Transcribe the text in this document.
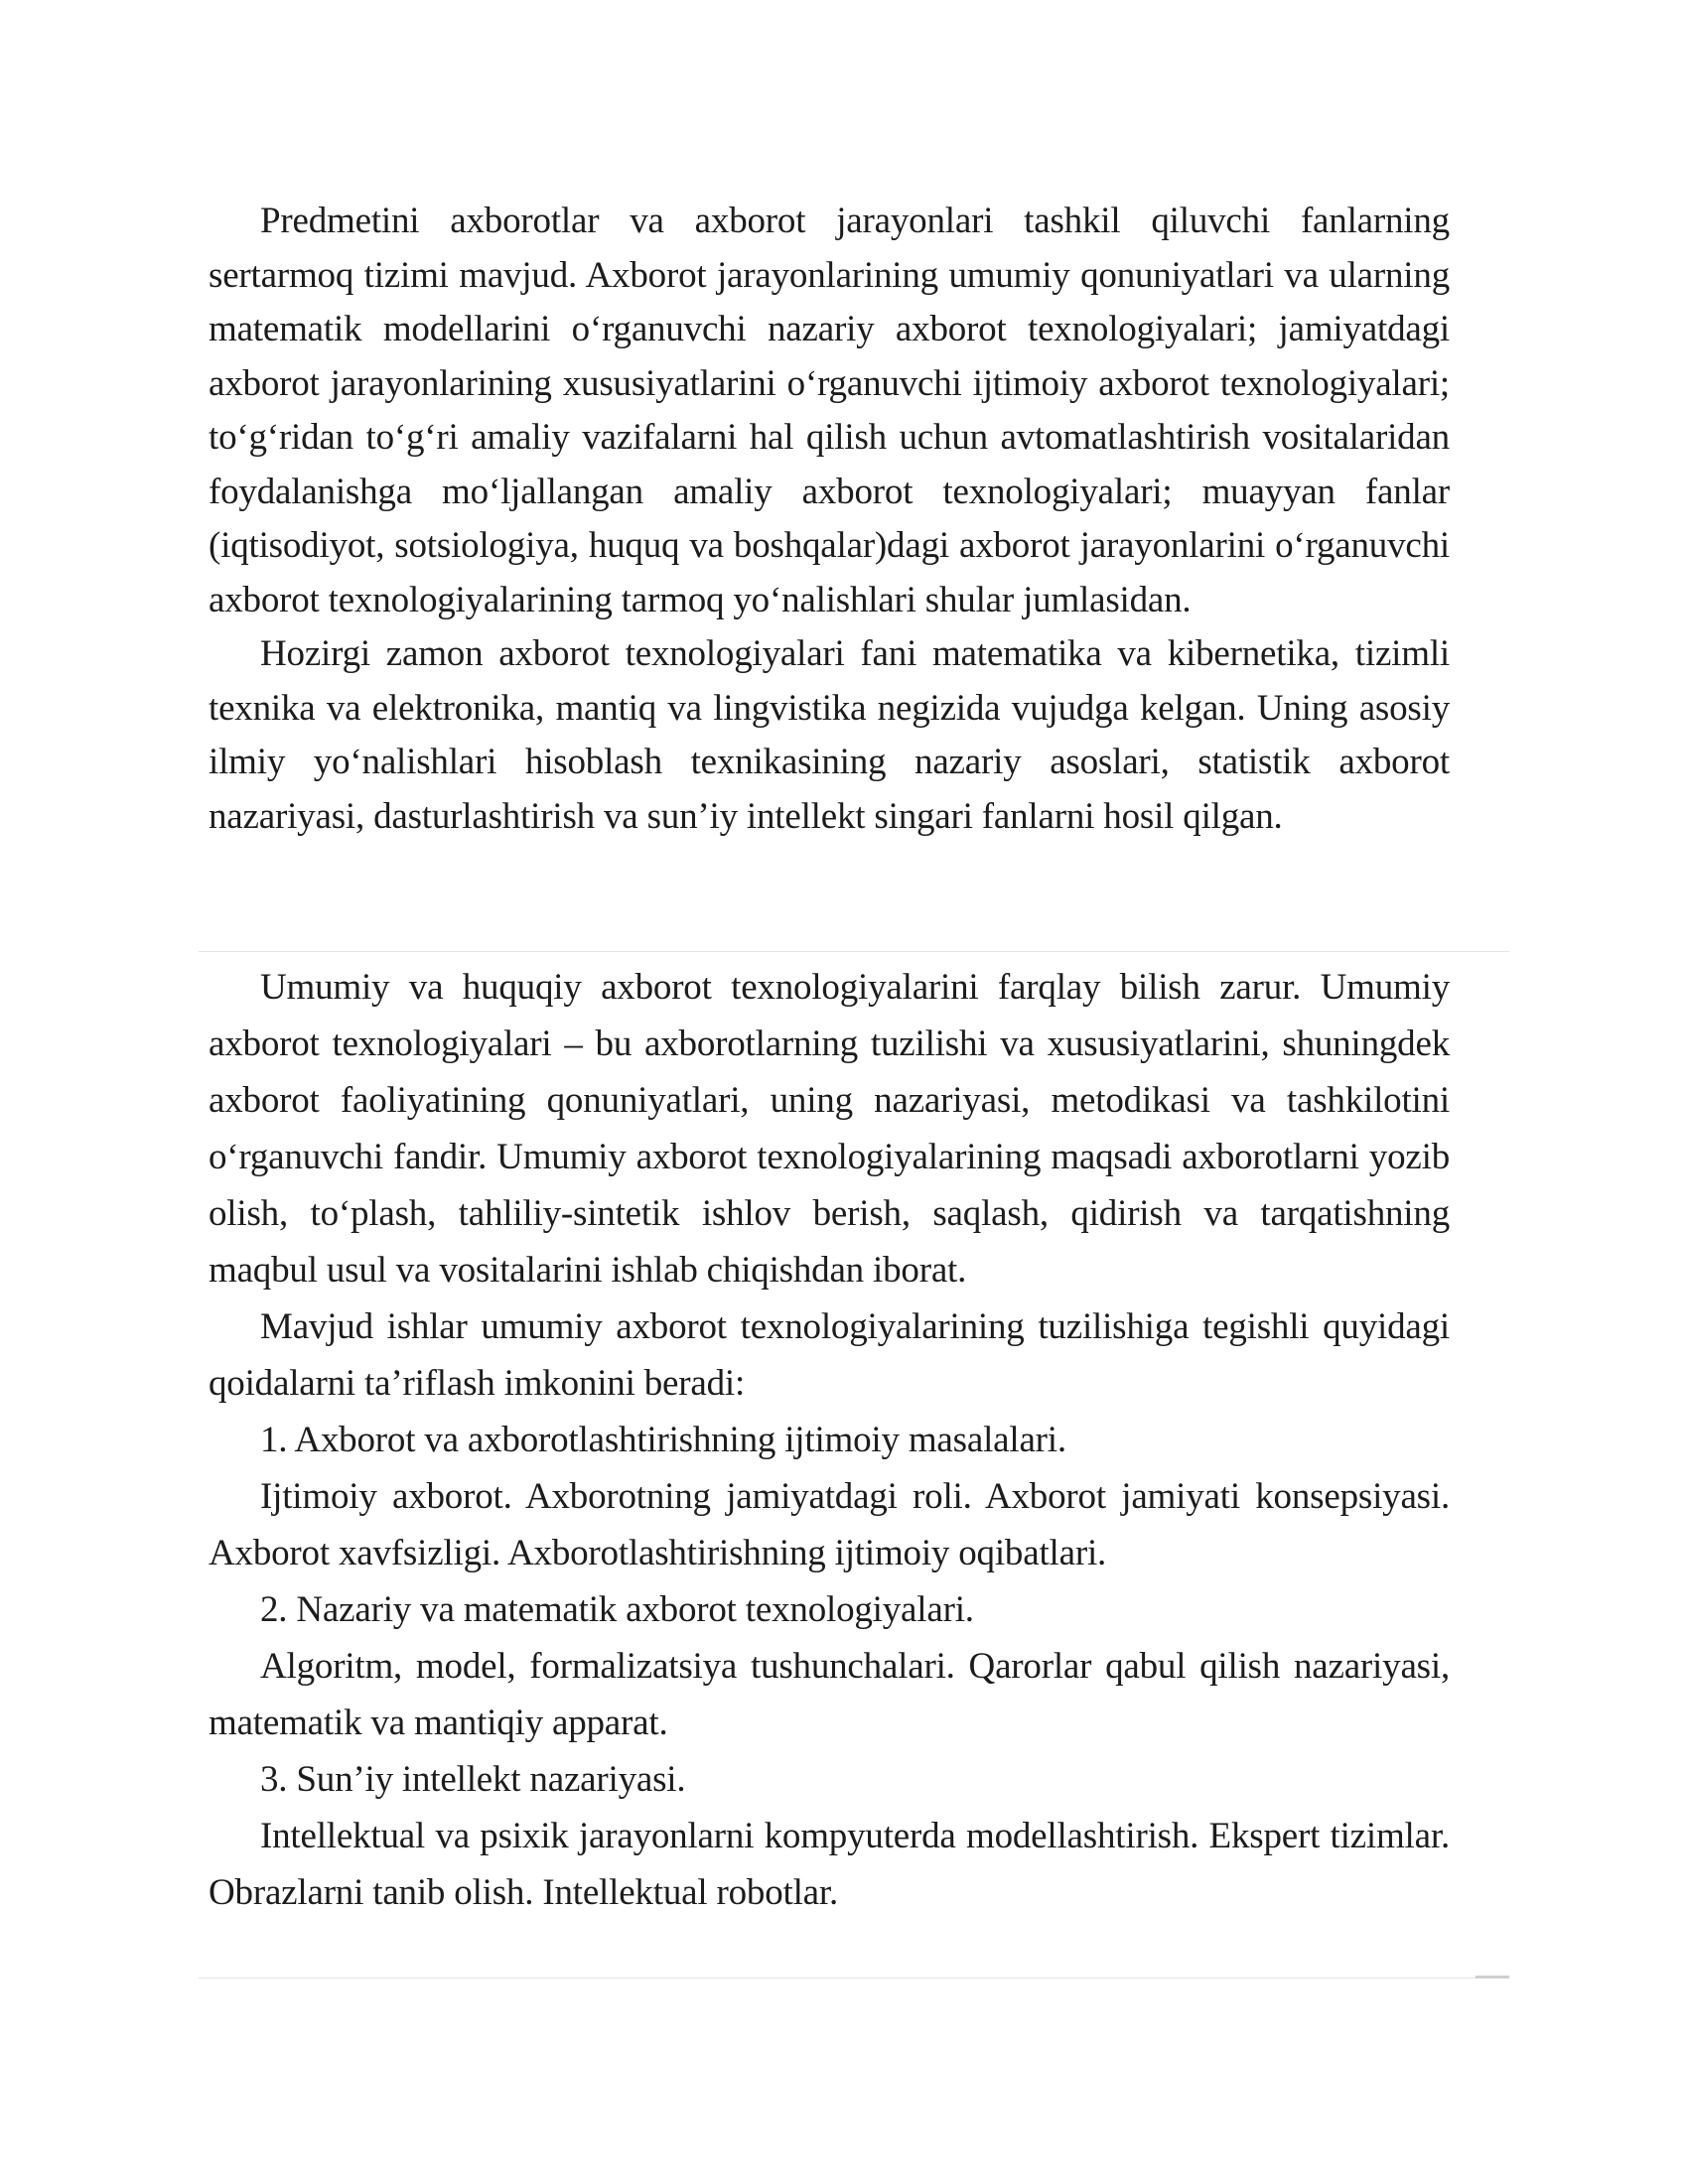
Predmetini axborotlar va axborot jarayonlari tashkil qiluvchi fanlarning sertarmoq tizimi mavjud. Axborot jarayonlarining umumiy qonuniyatlari va ularning matematik modellarini o‘rganuvchi nazariy axborot texnologiyalari; jamiyatdagi axborot jarayonlarining xususiyatlarini o‘rganuvchi ijtimoiy axborot texnologiyalari; to‘g‘ridan to‘g‘ri amaliy vazifalarni hal qilish uchun avtomatlashtirish vositalaridan foydalanishga mo‘ljallangan amaliy axborot texnologiyalari; muayyan fanlar (iqtisodiyot, sotsiologiya, huquq va boshqalar)dagi axborot jarayonlarini o‘rganuvchi axborot texnologiyalarining tarmoq yo‘nalishlari shular jumlasidan.

Hozirgi zamon axborot texnologiyalari fani matematika va kibernetika, tizimli texnika va elektronika, mantiq va lingvistika negizida vujudga kelgan. Uning asosiy ilmiy yo‘nalishlari hisoblash texnikasining nazariy asoslari, statistik axborot nazariyasi, dasturlashtirish va sun’iy intellekt singari fanlarni hosil qilgan.

Umumiy va huquqiy axborot texnologiyalarini farqlay bilish zarur. Umumiy axborot texnologiyalari – bu axborotlarning tuzilishi va xususiyatlarini, shuningdek axborot faoliyatining qonuniyatlari, uning nazariyasi, metodikasi va tashkilotini o‘rganuvchi fandir. Umumiy axborot texnologiyalarining maqsadi axborotlarni yozib olish, to‘plash, tahliliy-sintetik ishlov berish, saqlash, qidirish va tarqatishning maqbul usul va vositalarini ishlab chiqishdan iborat.

Mavjud ishlar umumiy axborot texnologiyalarining tuzilishiga tegishli quyidagi qoidalarni ta’riflash imkonini beradi:

1. Axborot va axborotlashtirishning ijtimoiy masalalari.

Ijtimoiy axborot. Axborotning jamiyatdagi roli. Axborot jamiyati konsepsiyasi. Axborot xavfsizligi. Axborotlashtirishning ijtimoiy oqibatlari.

2. Nazariy va matematik axborot texnologiyalari.

Algoritm, model, formalizatsiya tushunchalari. Qarorlar qabul qilish nazariyasi, matematik va mantiqiy apparat.

3. Sun’iy intellekt nazariyasi.

Intellektual va psixik jarayonlarni kompyuterda modellashtirish. Ekspert tizimlar. Obrazlarni tanib olish. Intellektual robotlar.
